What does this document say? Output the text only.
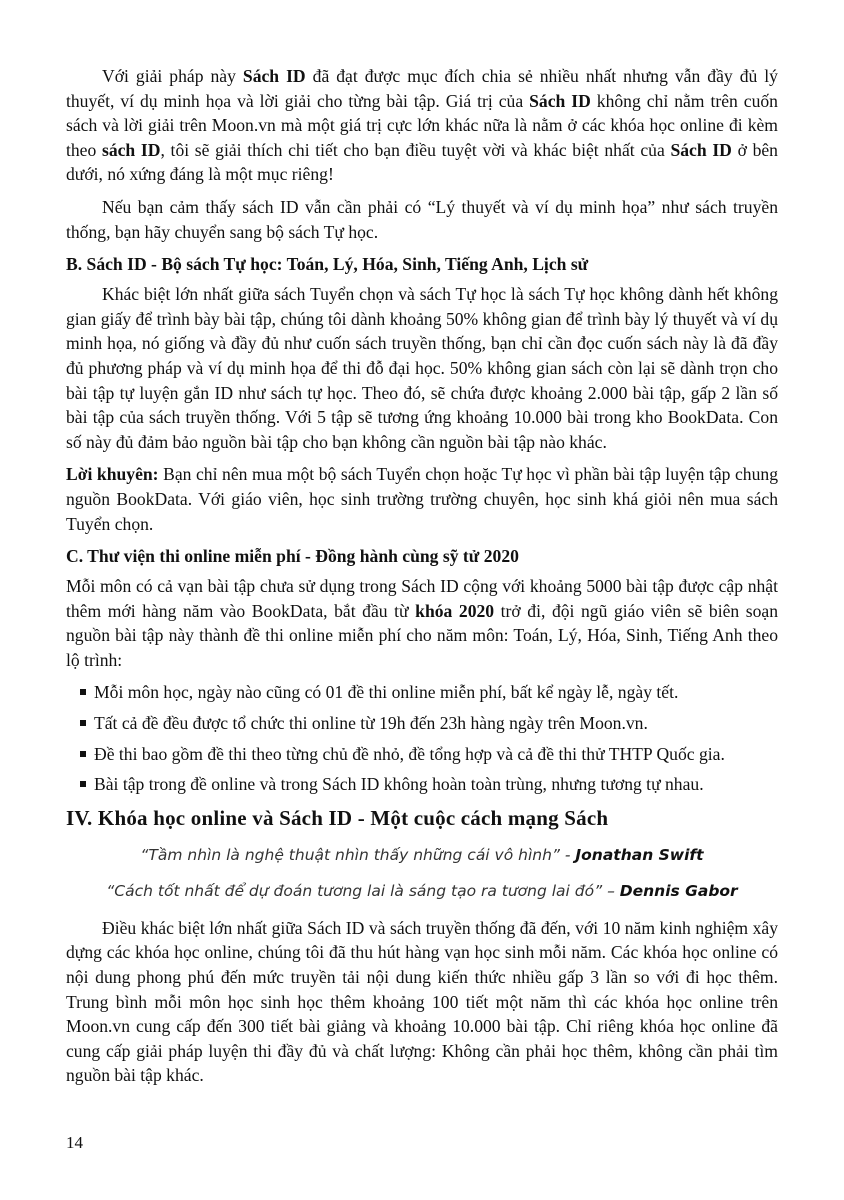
Với giải pháp này Sách ID đã đạt được mục đích chia sẻ nhiều nhất nhưng vẫn đầy đủ lý thuyết, ví dụ minh họa và lời giải cho từng bài tập. Giá trị của Sách ID không chỉ nằm trên cuốn sách và lời giải trên Moon.vn mà một giá trị cực lớn khác nữa là nằm ở các khóa học online đi kèm theo sách ID, tôi sẽ giải thích chi tiết cho bạn điều tuyệt vời và khác biệt nhất của Sách ID ở bên dưới, nó xứng đáng là một mục riêng!

Nếu bạn cảm thấy sách ID vẫn cần phải có “Lý thuyết và ví dụ minh họa” như sách truyền thống, bạn hãy chuyển sang bộ sách Tự học.

B. Sách ID - Bộ sách Tự học: Toán, Lý, Hóa, Sinh, Tiếng Anh, Lịch sử

Khác biệt lớn nhất giữa sách Tuyển chọn và sách Tự học là sách Tự học không dành hết không gian giấy để trình bày bài tập, chúng tôi dành khoảng 50% không gian để trình bày lý thuyết và ví dụ minh họa, nó giống và đầy đủ như cuốn sách truyền thống, bạn chỉ cần đọc cuốn sách này là đã đầy đủ phương pháp và ví dụ minh họa để thi đỗ đại học. 50% không gian sách còn lại sẽ dành trọn cho bài tập tự luyện gắn ID như sách tự học. Theo đó, sẽ chứa được khoảng 2.000 bài tập, gấp 2 lần số bài tập của sách truyền thống. Với 5 tập sẽ tương ứng khoảng 10.000 bài trong kho BookData. Con số này đủ đảm bảo nguồn bài tập cho bạn không cần nguồn bài tập nào khác.

Lời khuyên: Bạn chỉ nên mua một bộ sách Tuyển chọn hoặc Tự học vì phần bài tập luyện tập chung nguồn BookData. Với giáo viên, học sinh trường trường chuyên, học sinh khá giỏi nên mua sách Tuyển chọn.

C. Thư viện thi online miễn phí - Đồng hành cùng sỹ tử 2020

Mỗi môn có cả vạn bài tập chưa sử dụng trong Sách ID cộng với khoảng 5000 bài tập được cập nhật thêm mới hàng năm vào BookData, bắt đầu từ khóa 2020 trở đi, đội ngũ giáo viên sẽ biên soạn nguồn bài tập này thành đề thi online miễn phí cho năm môn: Toán, Lý, Hóa, Sinh, Tiếng Anh theo lộ trình:

Mỗi môn học, ngày nào cũng có 01 đề thi online miễn phí, bất kể ngày lễ, ngày tết.
Tất cả đề đều được tổ chức thi online từ 19h đến 23h hàng ngày trên Moon.vn.
Đề thi bao gồm đề thi theo từng chủ đề nhỏ, đề tổng hợp và cả đề thi thử THTP Quốc gia.
Bài tập trong đề online và trong Sách ID không hoàn toàn trùng, nhưng tương tự nhau.
IV. Khóa học online và Sách ID - Một cuộc cách mạng Sách
“Tầm nhìn là nghệ thuật nhìn thấy những cái vô hình” - Jonathan Swift
“Cách tốt nhất để dự đoán tương lai là sáng tạo ra tương lai đó” – Dennis Gabor

Điều khác biệt lớn nhất giữa Sách ID và sách truyền thống đã đến, với 10 năm kinh nghiệm xây dựng các khóa học online, chúng tôi đã thu hút hàng vạn học sinh mỗi năm. Các khóa học online có nội dung phong phú đến mức truyền tải nội dung kiến thức nhiều gấp 3 lần so với đi học thêm. Trung bình mỗi môn học sinh học thêm khoảng 100 tiết một năm thì các khóa học online trên Moon.vn cung cấp đến 300 tiết bài giảng và khoảng 10.000 bài tập. Chỉ riêng khóa học online đã cung cấp giải pháp luyện thi đầy đủ và chất lượng: Không cần phải học thêm, không cần phải tìm nguồn bài tập khác.

14
